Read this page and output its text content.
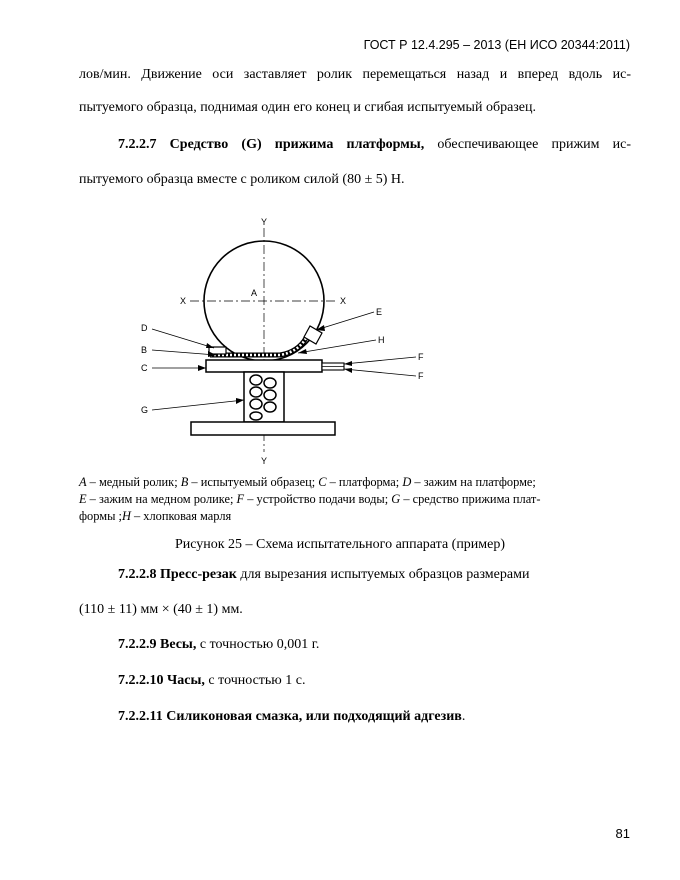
ГОСТ Р 12.4.295 – 2013 (ЕН ИСО 20344:2011)
лов/мин. Движение оси заставляет ролик перемещаться назад и вперед вдоль ис-
пытуемого образца, поднимая один его конец и сгибая испытуемый образец.
7.2.2.7 Средство (G) прижима платформы, обеспечивающее прижим ис-
пытуемого образца вместе с роликом силой (80 ± 5) Н.
Y
Y
X	X
A
D
B
C
G
E
H
F
F
A – медный ролик; B – испытуемый образец; C – платформа; D – зажим на платформе;
E – зажим на медном ролике; F – устройство подачи воды; G – средство прижима плат-
формы ;H – хлопковая марля
Рисунок 25 – Схема испытательного аппарата (пример)
7.2.2.8 Пресс-резак для вырезания испытуемых образцов размерами
(110 ± 11) мм × (40 ± 1) мм.
7.2.2.9 Весы, с точностью 0,001 г.
7.2.2.10 Часы, с точностью 1 с.
7.2.2.11 Силиконовая смазка, или подходящий адгезив.
81
